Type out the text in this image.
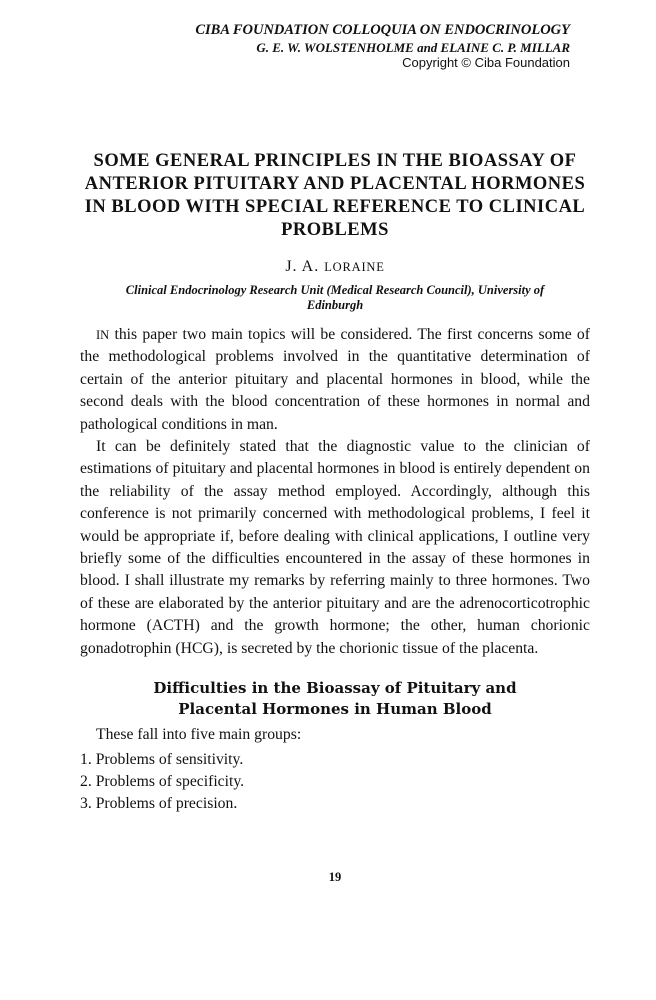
CIBA FOUNDATION COLLOQUIA ON ENDOCRINOLOGY
G. E. W. WOLSTENHOLME and ELAINE C. P. MILLAR
Copyright © Ciba Foundation
SOME GENERAL PRINCIPLES IN THE BIOASSAY OF ANTERIOR PITUITARY AND PLACENTAL HORMONES IN BLOOD WITH SPECIAL REFERENCE TO CLINICAL PROBLEMS
J. A. LORAINE
Clinical Endocrinology Research Unit (Medical Research Council), University of Edinburgh

IN this paper two main topics will be considered. The first concerns some of the methodological problems involved in the quantitative determination of certain of the anterior pituitary and placental hormones in blood, while the second deals with the blood concentration of these hormones in normal and pathological conditions in man.

It can be definitely stated that the diagnostic value to the clinician of estimations of pituitary and placental hormones in blood is entirely dependent on the reliability of the assay method employed. Accordingly, although this conference is not primarily concerned with methodological problems, I feel it would be appropriate if, before dealing with clinical applications, I outline very briefly some of the difficulties encountered in the assay of these hormones in blood. I shall illustrate my remarks by referring mainly to three hormones. Two of these are elaborated by the anterior pituitary and are the adrenocorticotrophic hormone (ACTH) and the growth hormone; the other, human chorionic gonadotrophin (HCG), is secreted by the chorionic tissue of the placenta.

Difficulties in the Bioassay of Pituitary and
Placental Hormones in Human Blood

These fall into five main groups:

1. Problems of sensitivity.
2. Problems of specificity.
3. Problems of precision.
19
